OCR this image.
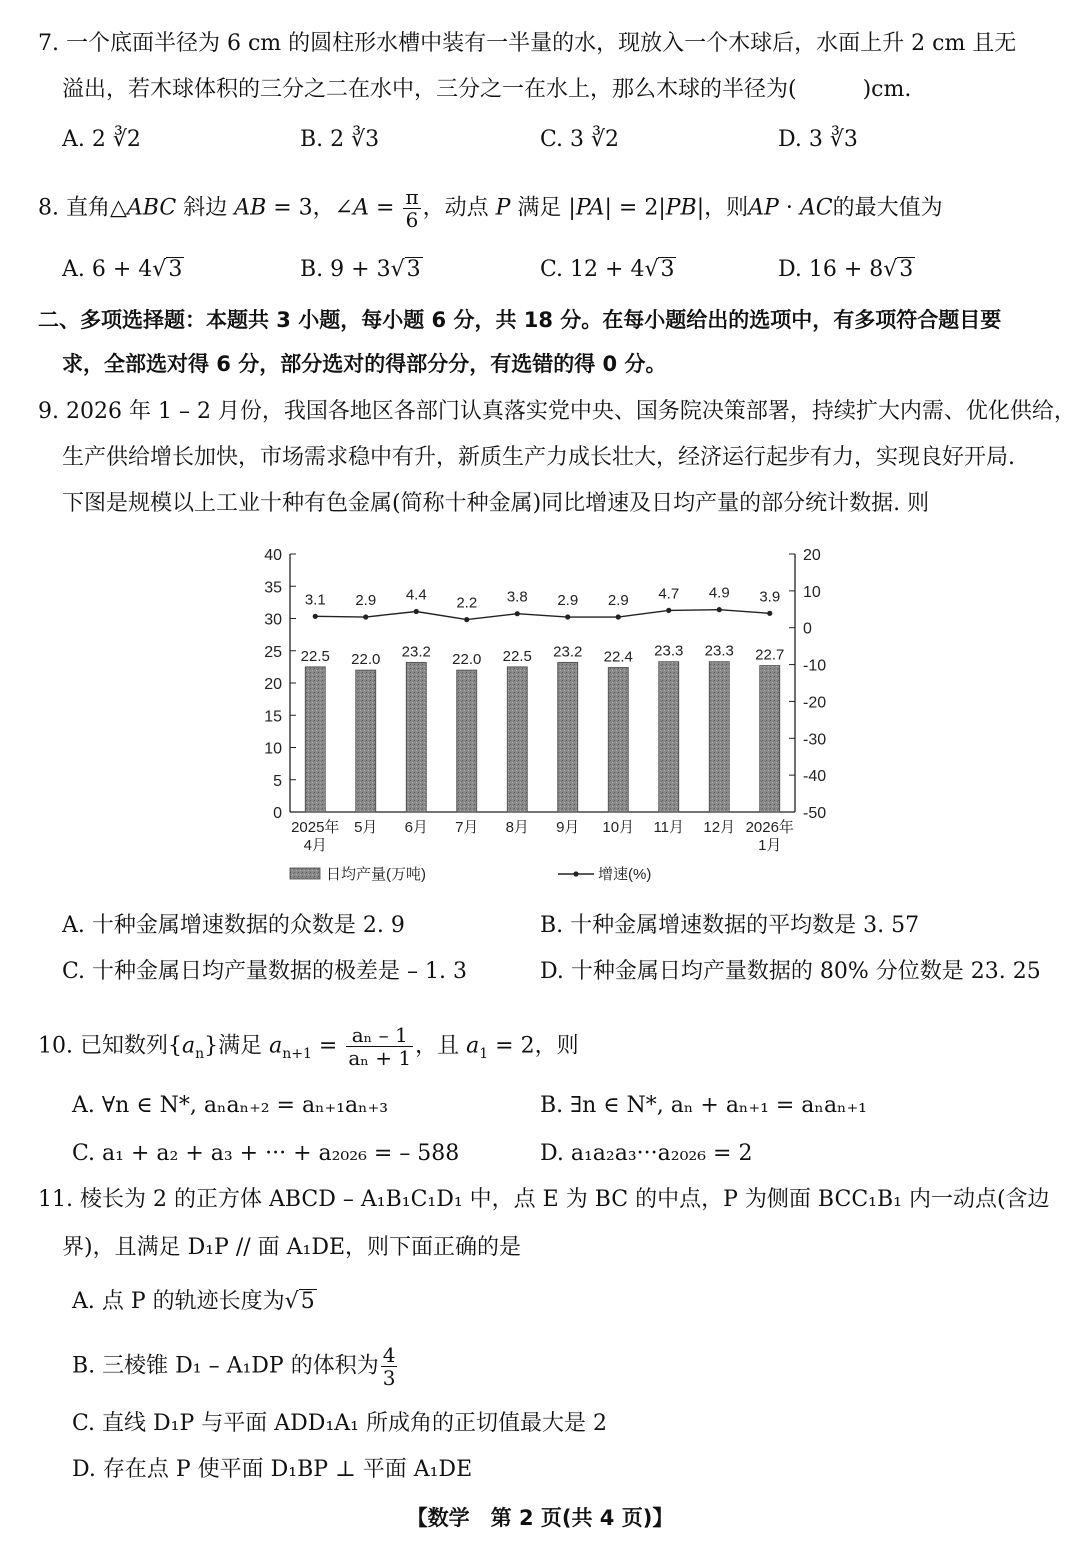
7. 一个底面半径为 6 cm 的圆柱形水槽中装有一半量的水，现放入一个木球后，水面上升 2 cm 且无
溢出，若木球体积的三分之二在水中，三分之一在水上，那么木球的半径为(　　　)cm.
A. 2 ∛2	B. 2 ∛3	C. 3 ∛2	D. 3 ∛3
8. 直角△ABC 斜边 AB = 3，∠A = $\frac{\pi}{6}$ ，动点 P 满足 |PA| = 2|PB|，则AP · AC的最大值为
A. 6 + 4√3	B. 9 + 3√3	C. 12 + 4√3	D. 16 + 8√3
二、多项选择题：本题共 3 小题，每小题 6 分，共 18 分。在每小题给出的选项中，有多项符合题目要
求，全部选对得 6 分，部分选对的得部分分，有选错的得 0 分。
9. 2026 年 1 – 2 月份，我国各地区各部门认真落实党中央、国务院决策部署，持续扩大内需、优化供给，
生产供给增长加快，市场需求稳中有升，新质生产力成长壮大，经济运行起步有力，实现良好开局.
下图是规模以上工业十种有色金属(简称十种金属)同比增速及日均产量的部分统计数据. 则
0
5
10
15
20
25
30
35
40
-50
-40
-30
-20
-10
0
10
20
22.5
3.1
2025年
4月
22.0
2.9
5月
23.2
4.4
6月
22.0
2.2
7月
22.5
3.8
8月
23.2
2.9
9月
22.4
2.9
10月
23.3
4.7
11月
23.3
4.9
12月
22.7
3.9
2026年
1月
日均产量(万吨)	增速(%)
A. 十种金属增速数据的众数是 2. 9	B. 十种金属增速数据的平均数是 3. 57
C. 十种金属日均产量数据的极差是 – 1. 3	D. 十种金属日均产量数据的 80% 分位数是 23. 25
10. 已知数列$\{a_n\}$满足 $a_{n+1} = \frac{\text{aₙ – 1}}{\text{aₙ + 1}}$ ，且 $a_1 = 2$，则
A. ∀n ∈ N*, aₙaₙ₊₂ = aₙ₊₁aₙ₊₃	B. ∃n ∈ N*, aₙ + aₙ₊₁ = aₙaₙ₊₁
C. a₁ + a₂ + a₃ + ··· + a₂₀₂₆ = – 588	D. a₁a₂a₃···a₂₀₂₆ = 2
11. 棱长为 2 的正方体 ABCD – A₁B₁C₁D₁ 中，点 E 为 BC 的中点，P 为侧面 BCC₁B₁ 内一动点(含边
界)，且满足 D₁P // 面 A₁DE，则下面正确的是
A. 点 P 的轨迹长度为√5
B. 三棱锥 D₁ – A₁DP 的体积为 $\frac{4}{3}$
C. 直线 D₁P 与平面 ADD₁A₁ 所成角的正切值最大是 2
D. 存在点 P 使平面 D₁BP ⊥ 平面 A₁DE
【数学　第 2 页(共 4 页)】
